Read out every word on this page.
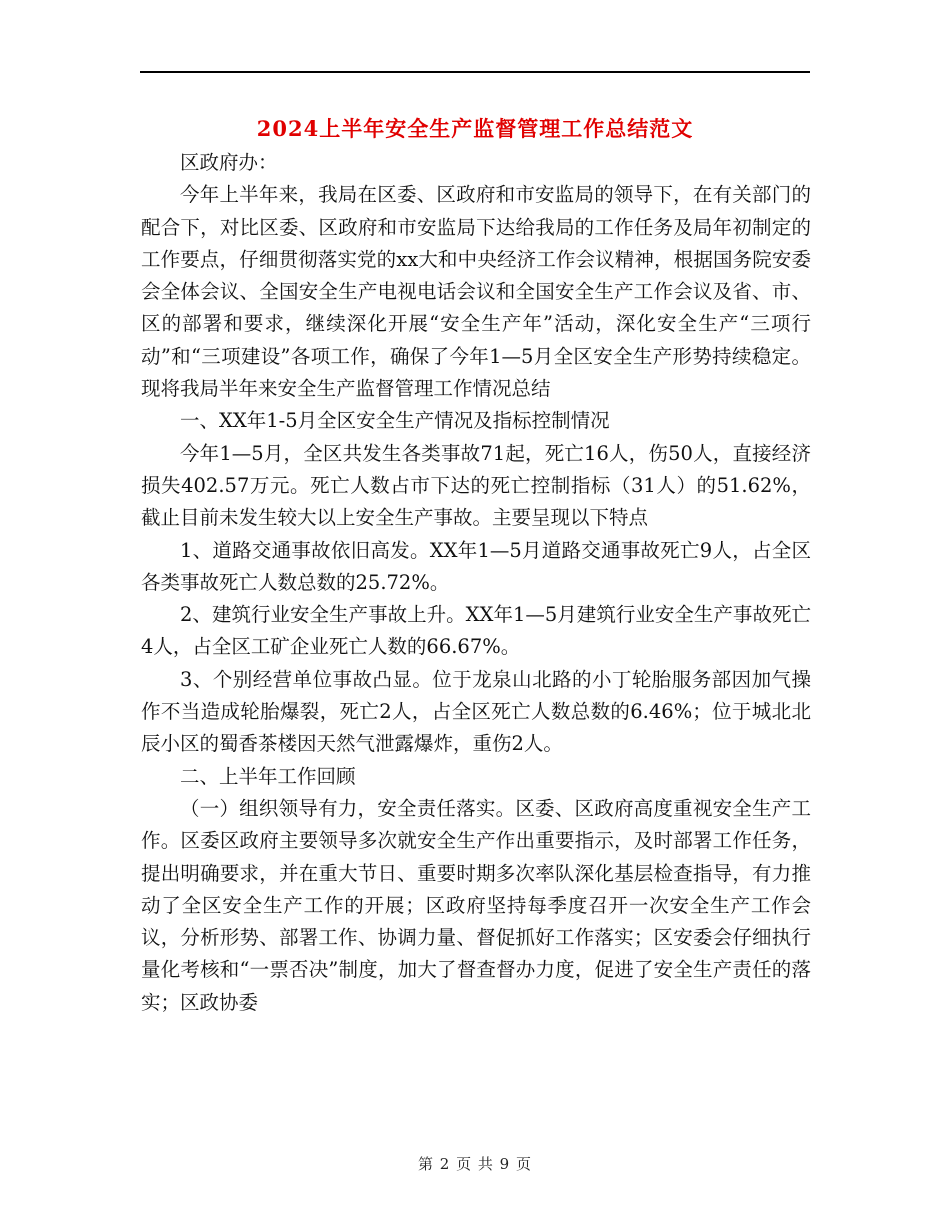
2024上半年安全生产监督管理工作总结范文

区政府办：

今年上半年来，我局在区委、区政府和市安监局的领导下，在有关部门的配合下，对比区委、区政府和市安监局下达给我局的工作任务及局年初制定的工作要点，仔细贯彻落实党的xx大和中央经济工作会议精神，根据国务院安委会全体会议、全国安全生产电视电话会议和全国安全生产工作会议及省、市、区的部署和要求，继续深化开展“安全生产年”活动，深化安全生产“三项行动”和“三项建设”各项工作，确保了今年1—5月全区安全生产形势持续稳定。现将我局半年来安全生产监督管理工作情况总结

一、XX年1-5月全区安全生产情况及指标控制情况

今年1—5月，全区共发生各类事故71起，死亡16人，伤50人，直接经济损失402.57万元。死亡人数占市下达的死亡控制指标（31人）的51.62%，截止目前未发生较大以上安全生产事故。主要呈现以下特点

1、道路交通事故依旧高发。XX年1—5月道路交通事故死亡9人，占全区各类事故死亡人数总数的25.72%。

2、建筑行业安全生产事故上升。XX年1—5月建筑行业安全生产事故死亡4人，占全区工矿企业死亡人数的66.67%。

3、个别经营单位事故凸显。位于龙泉山北路的小丁轮胎服务部因加气操作不当造成轮胎爆裂，死亡2人，占全区死亡人数总数的6.46%；位于城北北辰小区的蜀香茶楼因天然气泄露爆炸，重伤2人。

二、上半年工作回顾

（一）组织领导有力，安全责任落实。区委、区政府高度重视安全生产工作。区委区政府主要领导多次就安全生产作出重要指示，及时部署工作任务，提出明确要求，并在重大节日、重要时期多次率队深化基层检查指导，有力推动了全区安全生产工作的开展；区政府坚持每季度召开一次安全生产工作会议，分析形势、部署工作、协调力量、督促抓好工作落实；区安委会仔细执行量化考核和“一票否决”制度，加大了督查督办力度，促进了安全生产责任的落实；区政协委

第 2 页 共 9 页
